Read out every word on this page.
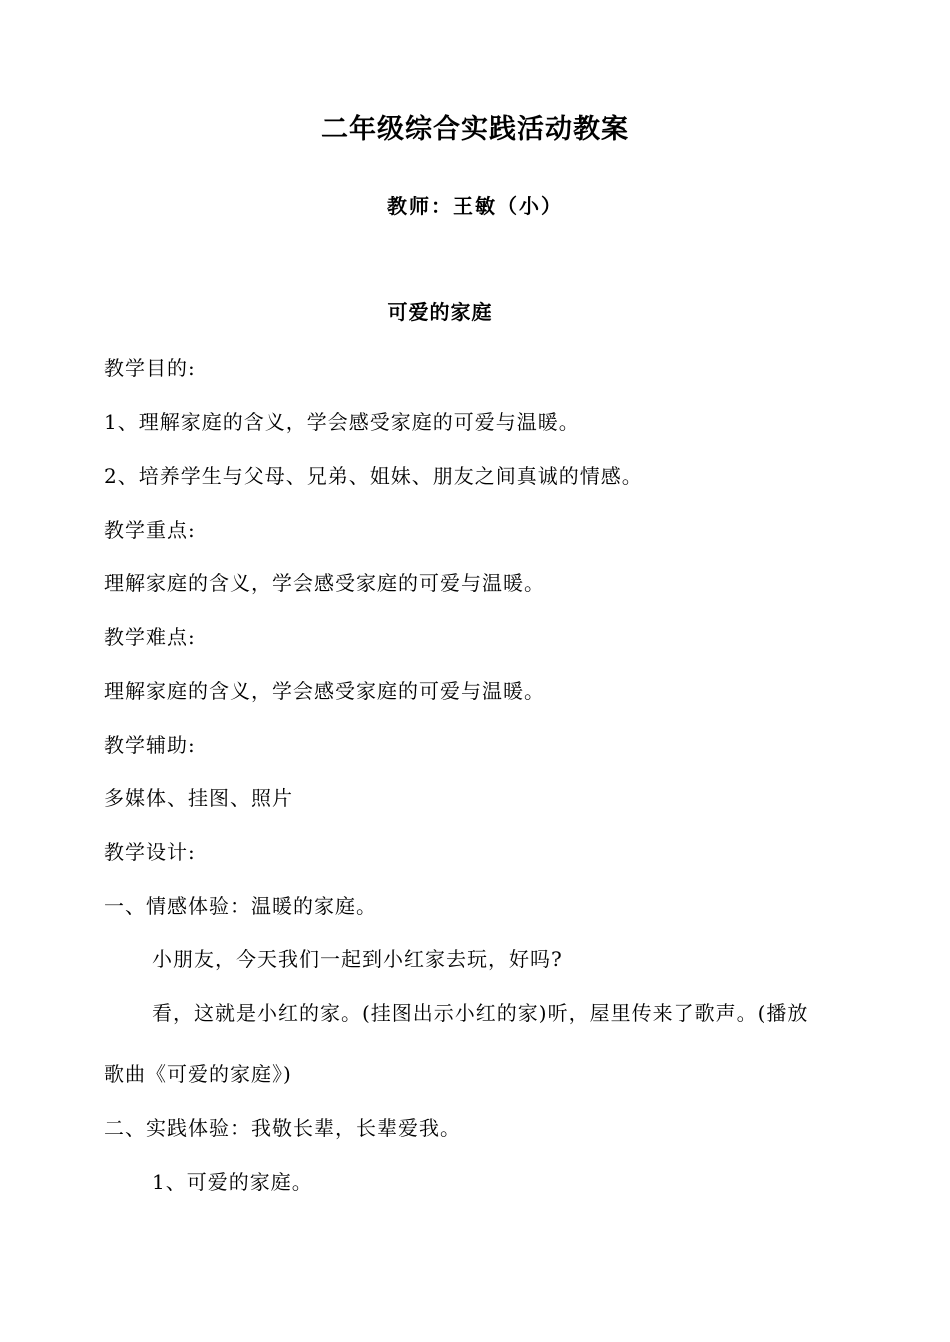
二年级综合实践活动教案
教师：王敏（小）
可爱的家庭
教学目的:
1、理解家庭的含义，学会感受家庭的可爱与温暖。
2、培养学生与父母、兄弟、姐妹、朋友之间真诚的情感。
教学重点:
理解家庭的含义，学会感受家庭的可爱与温暖。
教学难点:
理解家庭的含义，学会感受家庭的可爱与温暖。
教学辅助:
多媒体、挂图、照片
教学设计:
一、情感体验：温暖的家庭。
小朋友，今天我们一起到小红家去玩，好吗?
看，这就是小红的家。(挂图出示小红的家)听，屋里传来了歌声。(播放
歌曲《可爱的家庭》)
二、实践体验：我敬长辈，长辈爱我。
1、可爱的家庭。
